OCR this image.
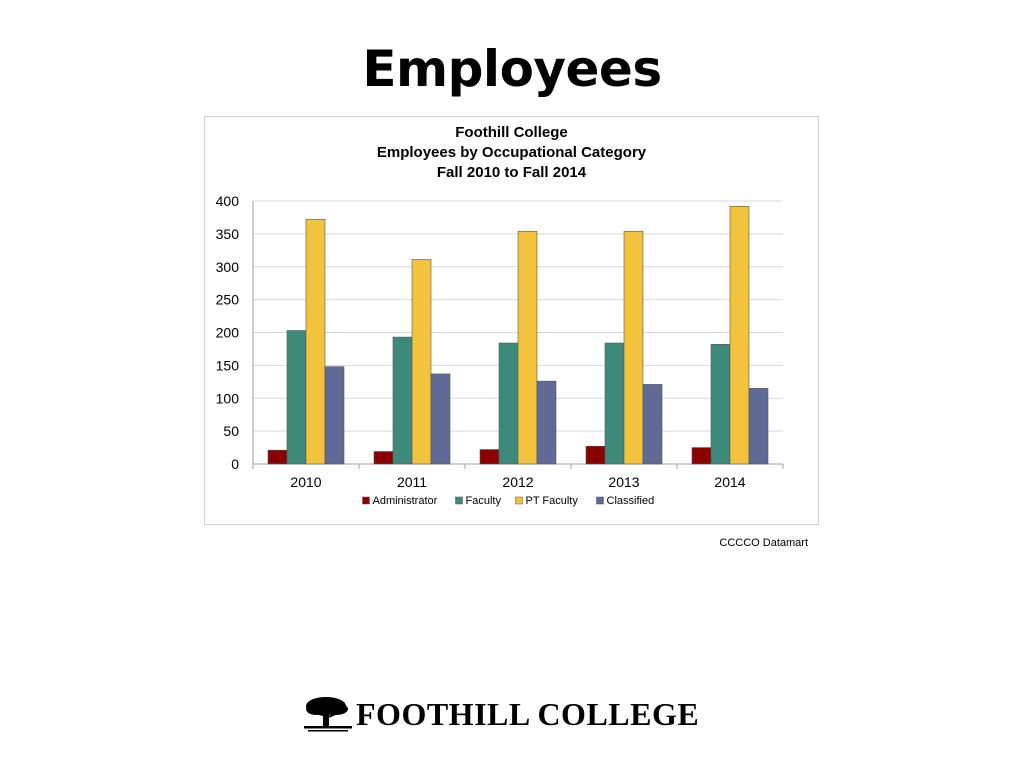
Employees
Foothill College
Employees by Occupational Category
Fall 2010 to Fall 2014
0
50
100
150
200
250
300
350
400
2010	2011	2012	2013	2014
Administrator	Faculty PT Faculty	Classified
CCCCO Datamart
FOOTHILL COLLEGE
